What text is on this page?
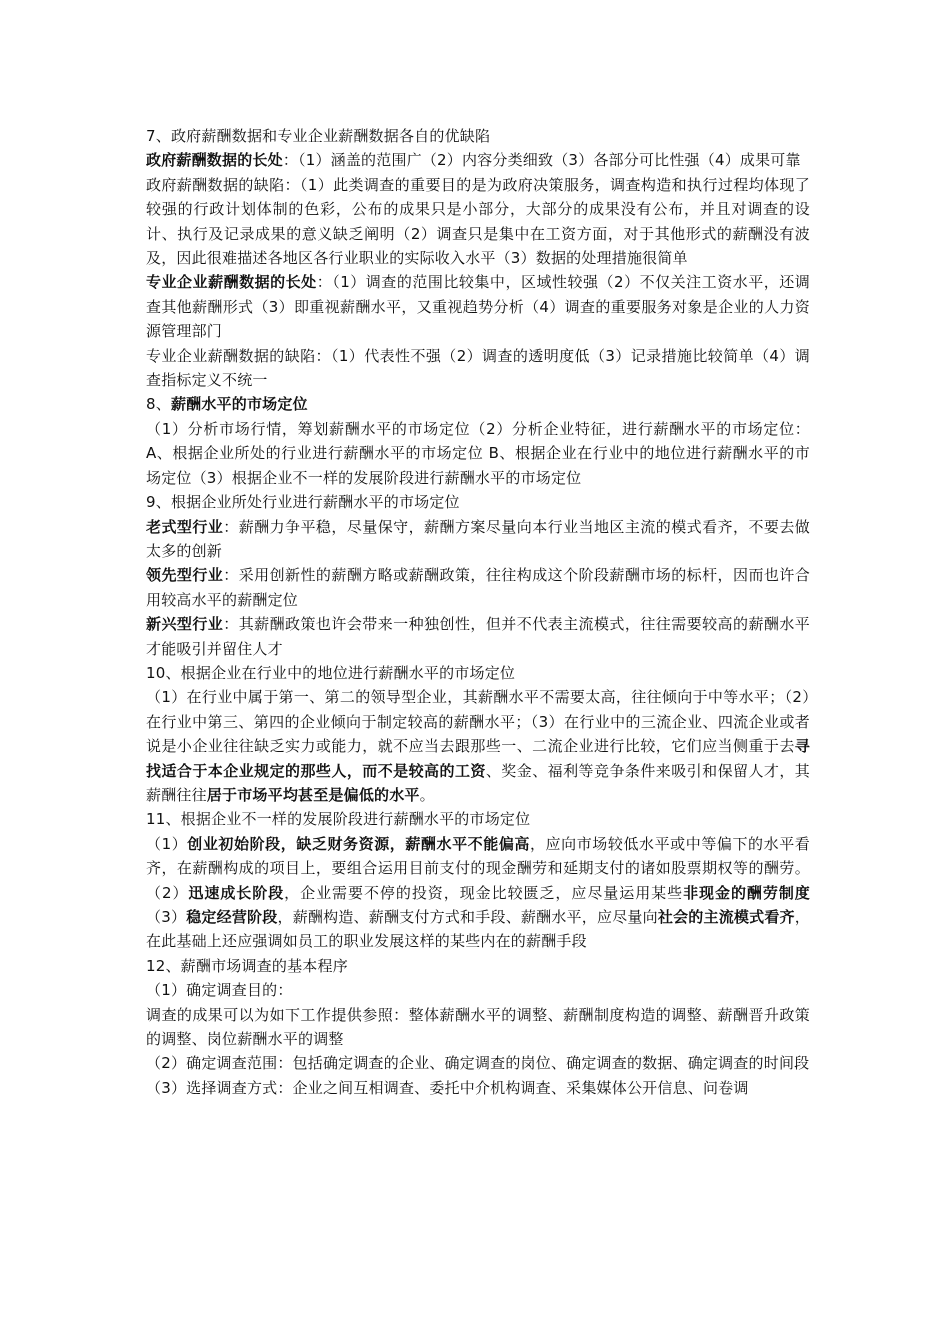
7、政府薪酬数据和专业企业薪酬数据各自的优缺陷

政府薪酬数据的长处：（1）涵盖的范围广（2）内容分类细致（3）各部分可比性强（4）成果可靠

政府薪酬数据的缺陷：（1）此类调查的重要目的是为政府决策服务，调查构造和执行过程均体现了较强的行政计划体制的色彩，公布的成果只是小部分，大部分的成果没有公布，并且对调查的设计、执行及记录成果的意义缺乏阐明（2）调查只是集中在工资方面，对于其他形式的薪酬没有波及，因此很难描述各地区各行业职业的实际收入水平（3）数据的处理措施很简单

专业企业薪酬数据的长处：（1）调查的范围比较集中，区域性较强（2）不仅关注工资水平，还调查其他薪酬形式（3）即重视薪酬水平，又重视趋势分析（4）调查的重要服务对象是企业的人力资源管理部门

专业企业薪酬数据的缺陷：（1）代表性不强（2）调查的透明度低（3）记录措施比较简单（4）调查指标定义不统一

8、薪酬水平的市场定位

（1）分析市场行情，筹划薪酬水平的市场定位（2）分析企业特征，进行薪酬水平的市场定位：A、根据企业所处的行业进行薪酬水平的市场定位 B、根据企业在行业中的地位进行薪酬水平的市场定位（3）根据企业不一样的发展阶段进行薪酬水平的市场定位

9、根据企业所处行业进行薪酬水平的市场定位

老式型行业：薪酬力争平稳，尽量保守，薪酬方案尽量向本行业当地区主流的模式看齐，不要去做太多的创新

领先型行业：采用创新性的薪酬方略或薪酬政策，往往构成这个阶段薪酬市场的标杆，因而也许合用较高水平的薪酬定位

新兴型行业：其薪酬政策也许会带来一种独创性，但并不代表主流模式，往往需要较高的薪酬水平才能吸引并留住人才

10、根据企业在行业中的地位进行薪酬水平的市场定位

（1）在行业中属于第一、第二的领导型企业，其薪酬水平不需要太高，往往倾向于中等水平；（2）在行业中第三、第四的企业倾向于制定较高的薪酬水平；（3）在行业中的三流企业、四流企业或者说是小企业往往缺乏实力或能力，就不应当去跟那些一、二流企业进行比较，它们应当侧重于去寻找适合于本企业规定的那些人，而不是较高的工资、奖金、福利等竞争条件来吸引和保留人才，其薪酬往往居于市场平均甚至是偏低的水平。

11、根据企业不一样的发展阶段进行薪酬水平的市场定位

（1）创业初始阶段，缺乏财务资源，薪酬水平不能偏高，应向市场较低水平或中等偏下的水平看齐，在薪酬构成的项目上，要组合运用目前支付的现金酬劳和延期支付的诸如股票期权等的酬劳。（2）迅速成长阶段，企业需要不停的投资，现金比较匮乏，应尽量运用某些非现金的酬劳制度（3）稳定经营阶段，薪酬构造、薪酬支付方式和手段、薪酬水平，应尽量向社会的主流模式看齐，在此基础上还应强调如员工的职业发展这样的某些内在的薪酬手段

12、薪酬市场调查的基本程序

（1）确定调查目的：

调查的成果可以为如下工作提供参照：整体薪酬水平的调整、薪酬制度构造的调整、薪酬晋升政策的调整、岗位薪酬水平的调整

（2）确定调查范围：包括确定调查的企业、确定调查的岗位、确定调查的数据、确定调查的时间段

（3）选择调查方式：企业之间互相调查、委托中介机构调查、采集媒体公开信息、问卷调
